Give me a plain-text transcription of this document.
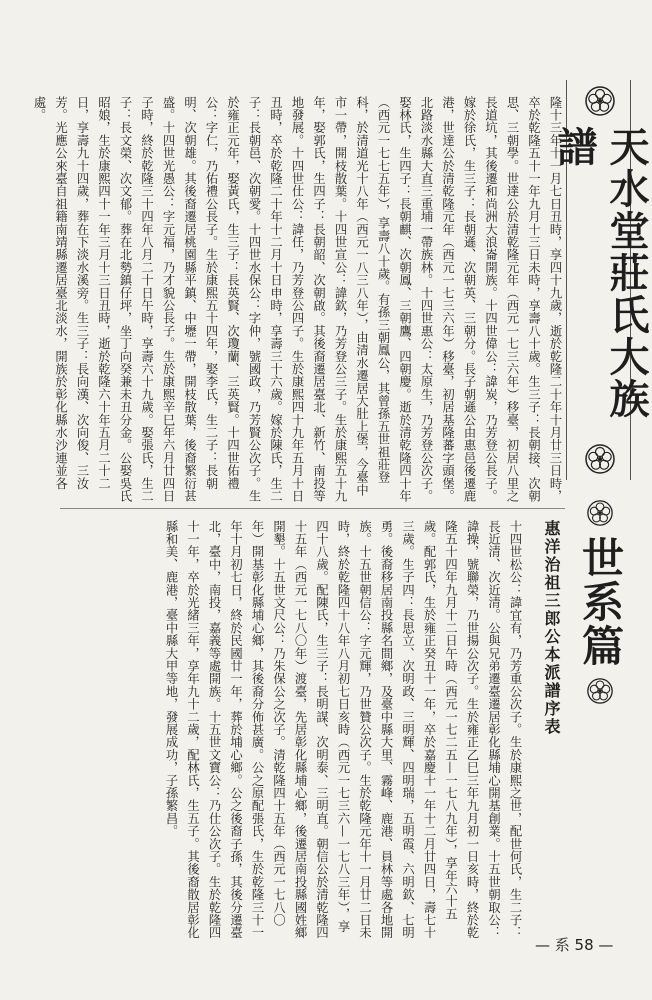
天水堂莊氏大族譜
世系篇
惠洋治祖三郎公本派譜序表
隆十三年十一月七日丑時，享四十九歲，逝於乾隆二十年十月廿三日時，卒於乾隆五十一年九月十三日未時，享壽八十歲。生三子：長朝接、次朝思、三朝學。世達公於清乾隆元年（西元一七三六年）移臺，初居八里之長道坑，其後遷和尚洲大浪崙開族。十四世偉公：諱炭，乃芳登公長子。嫁於徐氏，生三子：長朝遜、次朝英、三朝分。長子朝遜公由惠邑後遷鹿港，世達公於清乾隆元年（西元一七三六年）移臺，初居基隆蕃字頭堡。北路淡水縣大直三重埔一帶族林。十四世惠公：太原生，乃芳登公次子。娶林氏，生四子：長朝麒、次朝鳳、三朝鷹、四朝慶。逝於清乾隆四十年（西元一七七五年），享壽八十歲。有孫三朝鳳公，其曾孫五世祖莊登科，於清道光十八年（西元一八三八年），由清水遷居大肚上堡，今臺中市一帶，開枝散葉。十四世宣公：諱欽，乃芳登公三子。生於康熙五十九年，娶郭氏，生四子：長朝韶、次朝啟。其後裔遷居臺北、新竹、南投等地發展。十四世仕公：諱任，乃芳登公四子。生於康熙四十九年五月十日丑時，卒於乾隆二十年十二月十日申時，享壽三十六歲。嫁於陳氏，生二子：長朝邑、次朝愛。十四世水保公：字仲，號國政，乃芳賢公次子。生於雍正元年，娶黃氏，生三子：長英賢、次瓊蘭、三英賢。十四世佑禮公：字仁，乃佑禮公長子。生於康熙五十四年，娶李氏，生二子：長朝明、次朝雄。其後裔遷居桃園縣平鎮、中壢一帶，開枝散葉，後裔繁衍甚盛。十四世光愚公：字元福，乃才貌公長子。生於康熙辛巳年六月廿四日子時，終於乾隆三十四年八月二十日午時，享壽六十九歲。娶張氏，生二子：長文榮、次文郁。葬在北勢鎮仔坪，坐丁向癸兼未丑分金。公娶吳氏昭娘，生於康熙四十一年三月十三日丑時，逝於乾隆六十年五月二十二日，享壽九十四歲，葬在下淡水溪旁。生三子：長向漢、次向俊、三汝芳。光應公來臺自祖籍南靖縣遷居臺北淡水，開族於彰化縣水沙連並各處。
十四世松公：諱宜有，乃芳重公次子。生於康熙之世，配世何氏，生二子：長近清、次近清。公與兄弟遷臺遷居彰化縣埔心開基創業。十五世朝取公：諱操，號聯榮，乃世揚公次子。生於雍正乙巳三年九月初一日亥時，終於乾隆五十四年九月十二日午時（西元一七二五—一七八九年），享年六十五歲。配郭氏，生於雍正癸丑十一年，卒於嘉慶十一年十二月廿四日，壽七十三歲。生子四：長思立、次明政、三明輝、四明瑞，五明霞、六明欽、七明勇。後裔移居南投縣名間鄉，及臺中縣大里、霧峰、鹿港、員林等處各地開族。十五世朝信公：字元輝，乃世贊公次子。生於乾隆元年十一月廿二日未時，終於乾隆四十八年八月初七日亥時（西元一七三六—一七八三年），享四十八歲。配陳氏，生三子：長明謀、次明泰、三明直。朝信公於清乾隆四十五年（西元一七八〇年）渡臺，先居彰化縣埔心鄉，後遷居南投縣國姓鄉開墾。十五世文尺公：乃朱保公之次子。清乾隆四十五年（西元一七八〇年）開基彰化縣埔心鄉，其後裔分佈甚廣。公之原配張氏，生於乾隆三十一年十月初七日，終於民國廿一年，葬於埔心鄉。公之後裔子孫，其後分遷臺北，臺中，南投，嘉義等處開族。十五世文寶公：乃仕公次子。生於乾隆四十一年，卒於光緒三年，享年九十二歲，配林氏，生五子。其後裔散居彰化縣和美、鹿港，臺中縣大甲等地，發展成功，子孫繁昌。
— 系 58 —
